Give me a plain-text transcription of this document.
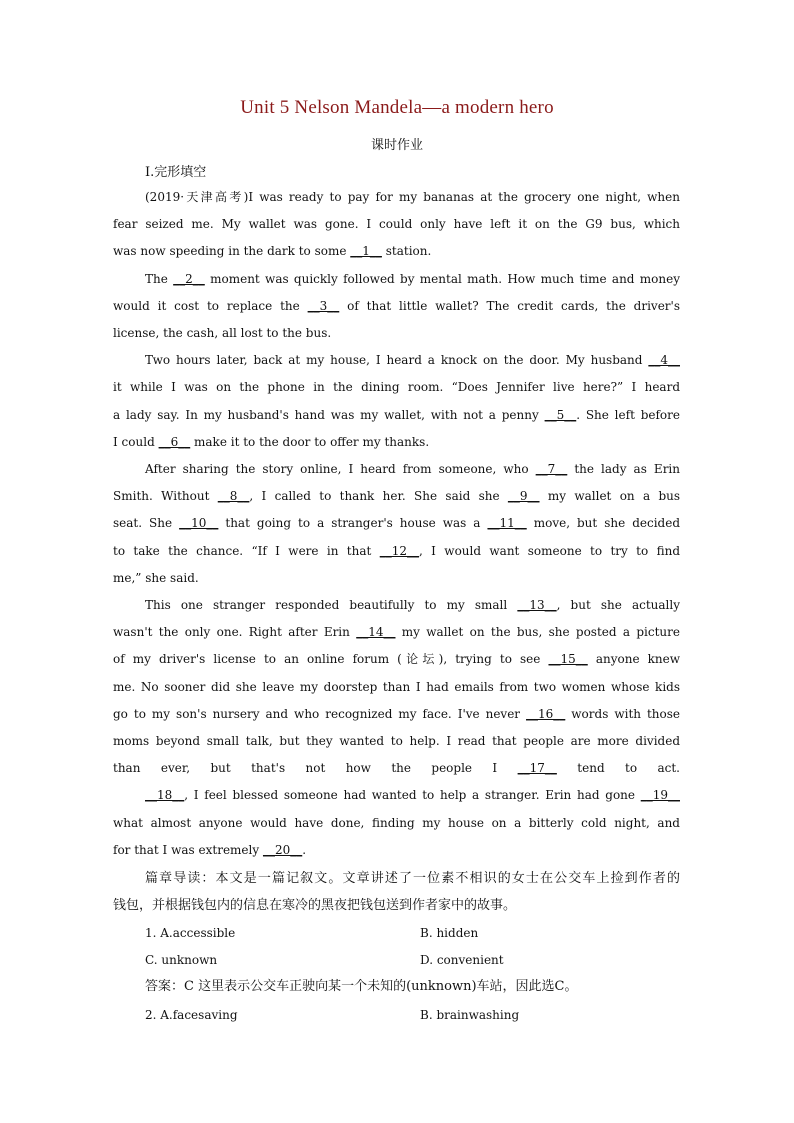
Unit 5 Nelson Mandela—a modern hero
课时作业
Ⅰ.完形填空
(2019·天津高考)I was ready to pay for my bananas at the grocery one night, when
fear seized me. My wallet was gone. I could only have left it on the G9 bus, which
was now speeding in the dark to some __1__ station.
The __2__ moment was quickly followed by mental math. How much time and money
would it cost to replace the __3__ of that little wallet? The credit cards, the driver's
license, the cash, all lost to the bus.
Two hours later, back at my house, I heard a knock on the door. My husband __4__
it while I was on the phone in the dining room. “Does Jennifer live here?” I heard
a lady say. In my husband's hand was my wallet, with not a penny __5__. She left before
I could __6__ make it to the door to offer my thanks.
After sharing the story online, I heard from someone, who __7__ the lady as Erin
Smith. Without __8__, I called to thank her. She said she __9__ my wallet on a bus
seat. She __10__ that going to a stranger's house was a __11__ move, but she decided
to take the chance. “If I were in that __12__, I would want someone to try to find
me,” she said.
This one stranger responded beautifully to my small __13__, but she actually
wasn't the only one. Right after Erin __14__ my wallet on the bus, she posted a picture
of my driver's license to an online forum (论坛), trying to see __15__ anyone knew
me. No sooner did she leave my doorstep than I had emails from two women whose kids
go to my son's nursery and who recognized my face. I've never __16__ words with those
moms beyond small talk, but they wanted to help. I read that people are more divided
than ever, but that's not how the people I __17__ tend to act.
__18__, I feel blessed someone had wanted to help a stranger. Erin had gone __19__
what almost anyone would have done, finding my house on a bitterly cold night, and
for that I was extremely __20__.
篇章导读：本文是一篇记叙文。文章讲述了一位素不相识的女士在公交车上捡到作者的
钱包，并根据钱包内的信息在寒冷的黑夜把钱包送到作者家中的故事。
1. A.accessible	B. hidden
C. unknown	D. convenient
答案：C 这里表示公交车正驶向某一个未知的(unknown)车站，因此选C。
2. A.facesaving	B. brainwashing
